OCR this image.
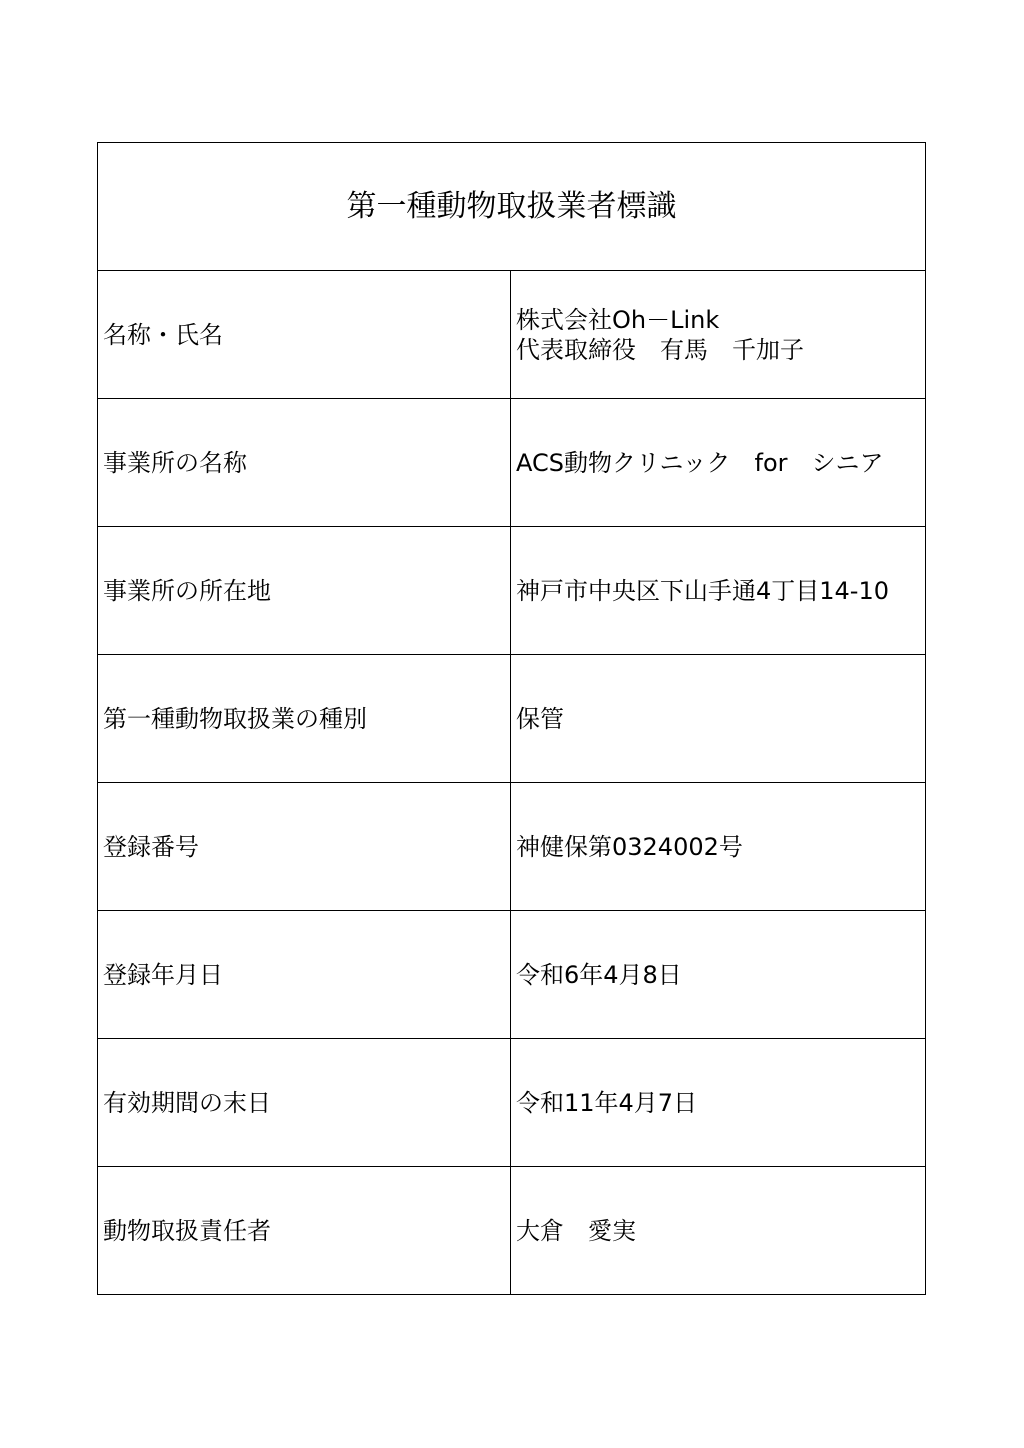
第一種動物取扱業者標識	
名称・氏名	株式会社Oh－Link
代表取締役　有馬　千加子

事業所の名称	ACS動物クリニック　for　シニア
事業所の所在地	神戸市中央区下山手通4丁目14-10
第一種動物取扱業の種別	保管
登録番号	神健保第0324002号
登録年月日	令和6年4月8日
有効期間の末日	令和11年4月7日
動物取扱責任者	大倉　愛実
